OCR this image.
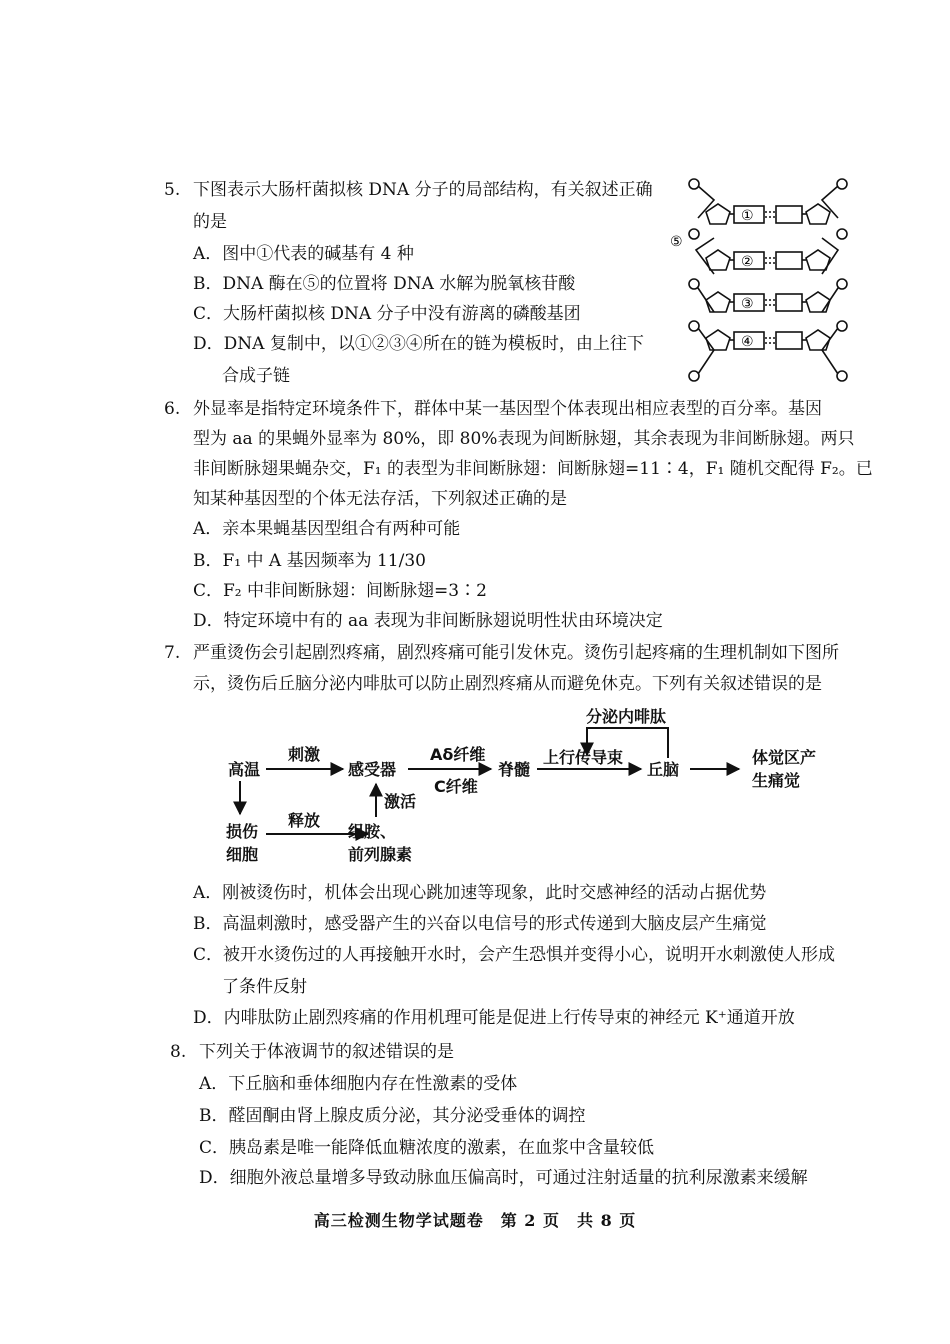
5. 下图表示大肠杆菌拟核 DNA 分子的局部结构，有关叙述正确
的是
A．图中①代表的碱基有 4 种
B．DNA 酶在⑤的位置将 DNA 水解为脱氧核苷酸
C．大肠杆菌拟核 DNA 分子中没有游离的磷酸基团
D．DNA 复制中，以①②③④所在的链为模板时，由上往下
合成子链
⑤
①
②
③
④
6. 外显率是指特定环境条件下，群体中某一基因型个体表现出相应表型的百分率。基因
型为 aa 的果蝇外显率为 80%，即 80%表现为间断脉翅，其余表现为非间断脉翅。两只
非间断脉翅果蝇杂交，F₁ 的表型为非间断脉翅：间断脉翅=11∶4，F₁ 随机交配得 F₂。已
知某种基因型的个体无法存活，下列叙述正确的是
A．亲本果蝇基因型组合有两种可能
B．F₁ 中 A 基因频率为 11/30
C．F₂ 中非间断脉翅：间断脉翅=3∶2
D．特定环境中有的 aa 表现为非间断脉翅说明性状由环境决定
7. 严重烫伤会引起剧烈疼痛，剧烈疼痛可能引发休克。烫伤引起疼痛的生理机制如下图所
示，烫伤后丘脑分泌内啡肽可以防止剧烈疼痛从而避免休克。下列有关叙述错误的是
高温
刺激
感受器
Aδ纤维
C纤维
脊髓
上行传导束
分泌内啡肽
丘脑
体觉区产
生痛觉
损伤
细胞
释放
组胺、
前列腺素
激活
A．刚被烫伤时，机体会出现心跳加速等现象，此时交感神经的活动占据优势
B．高温刺激时，感受器产生的兴奋以电信号的形式传递到大脑皮层产生痛觉
C．被开水烫伤过的人再接触开水时，会产生恐惧并变得小心，说明开水刺激使人形成
了条件反射
D．内啡肽防止剧烈疼痛的作用机理可能是促进上行传导束的神经元 K⁺通道开放
8. 下列关于体液调节的叙述错误的是
A．下丘脑和垂体细胞内存在性激素的受体
B．醛固酮由肾上腺皮质分泌，其分泌受垂体的调控
C．胰岛素是唯一能降低血糖浓度的激素，在血浆中含量较低
D．细胞外液总量增多导致动脉血压偏高时，可通过注射适量的抗利尿激素来缓解
高三检测生物学试题卷　第 2 页　共 8 页
